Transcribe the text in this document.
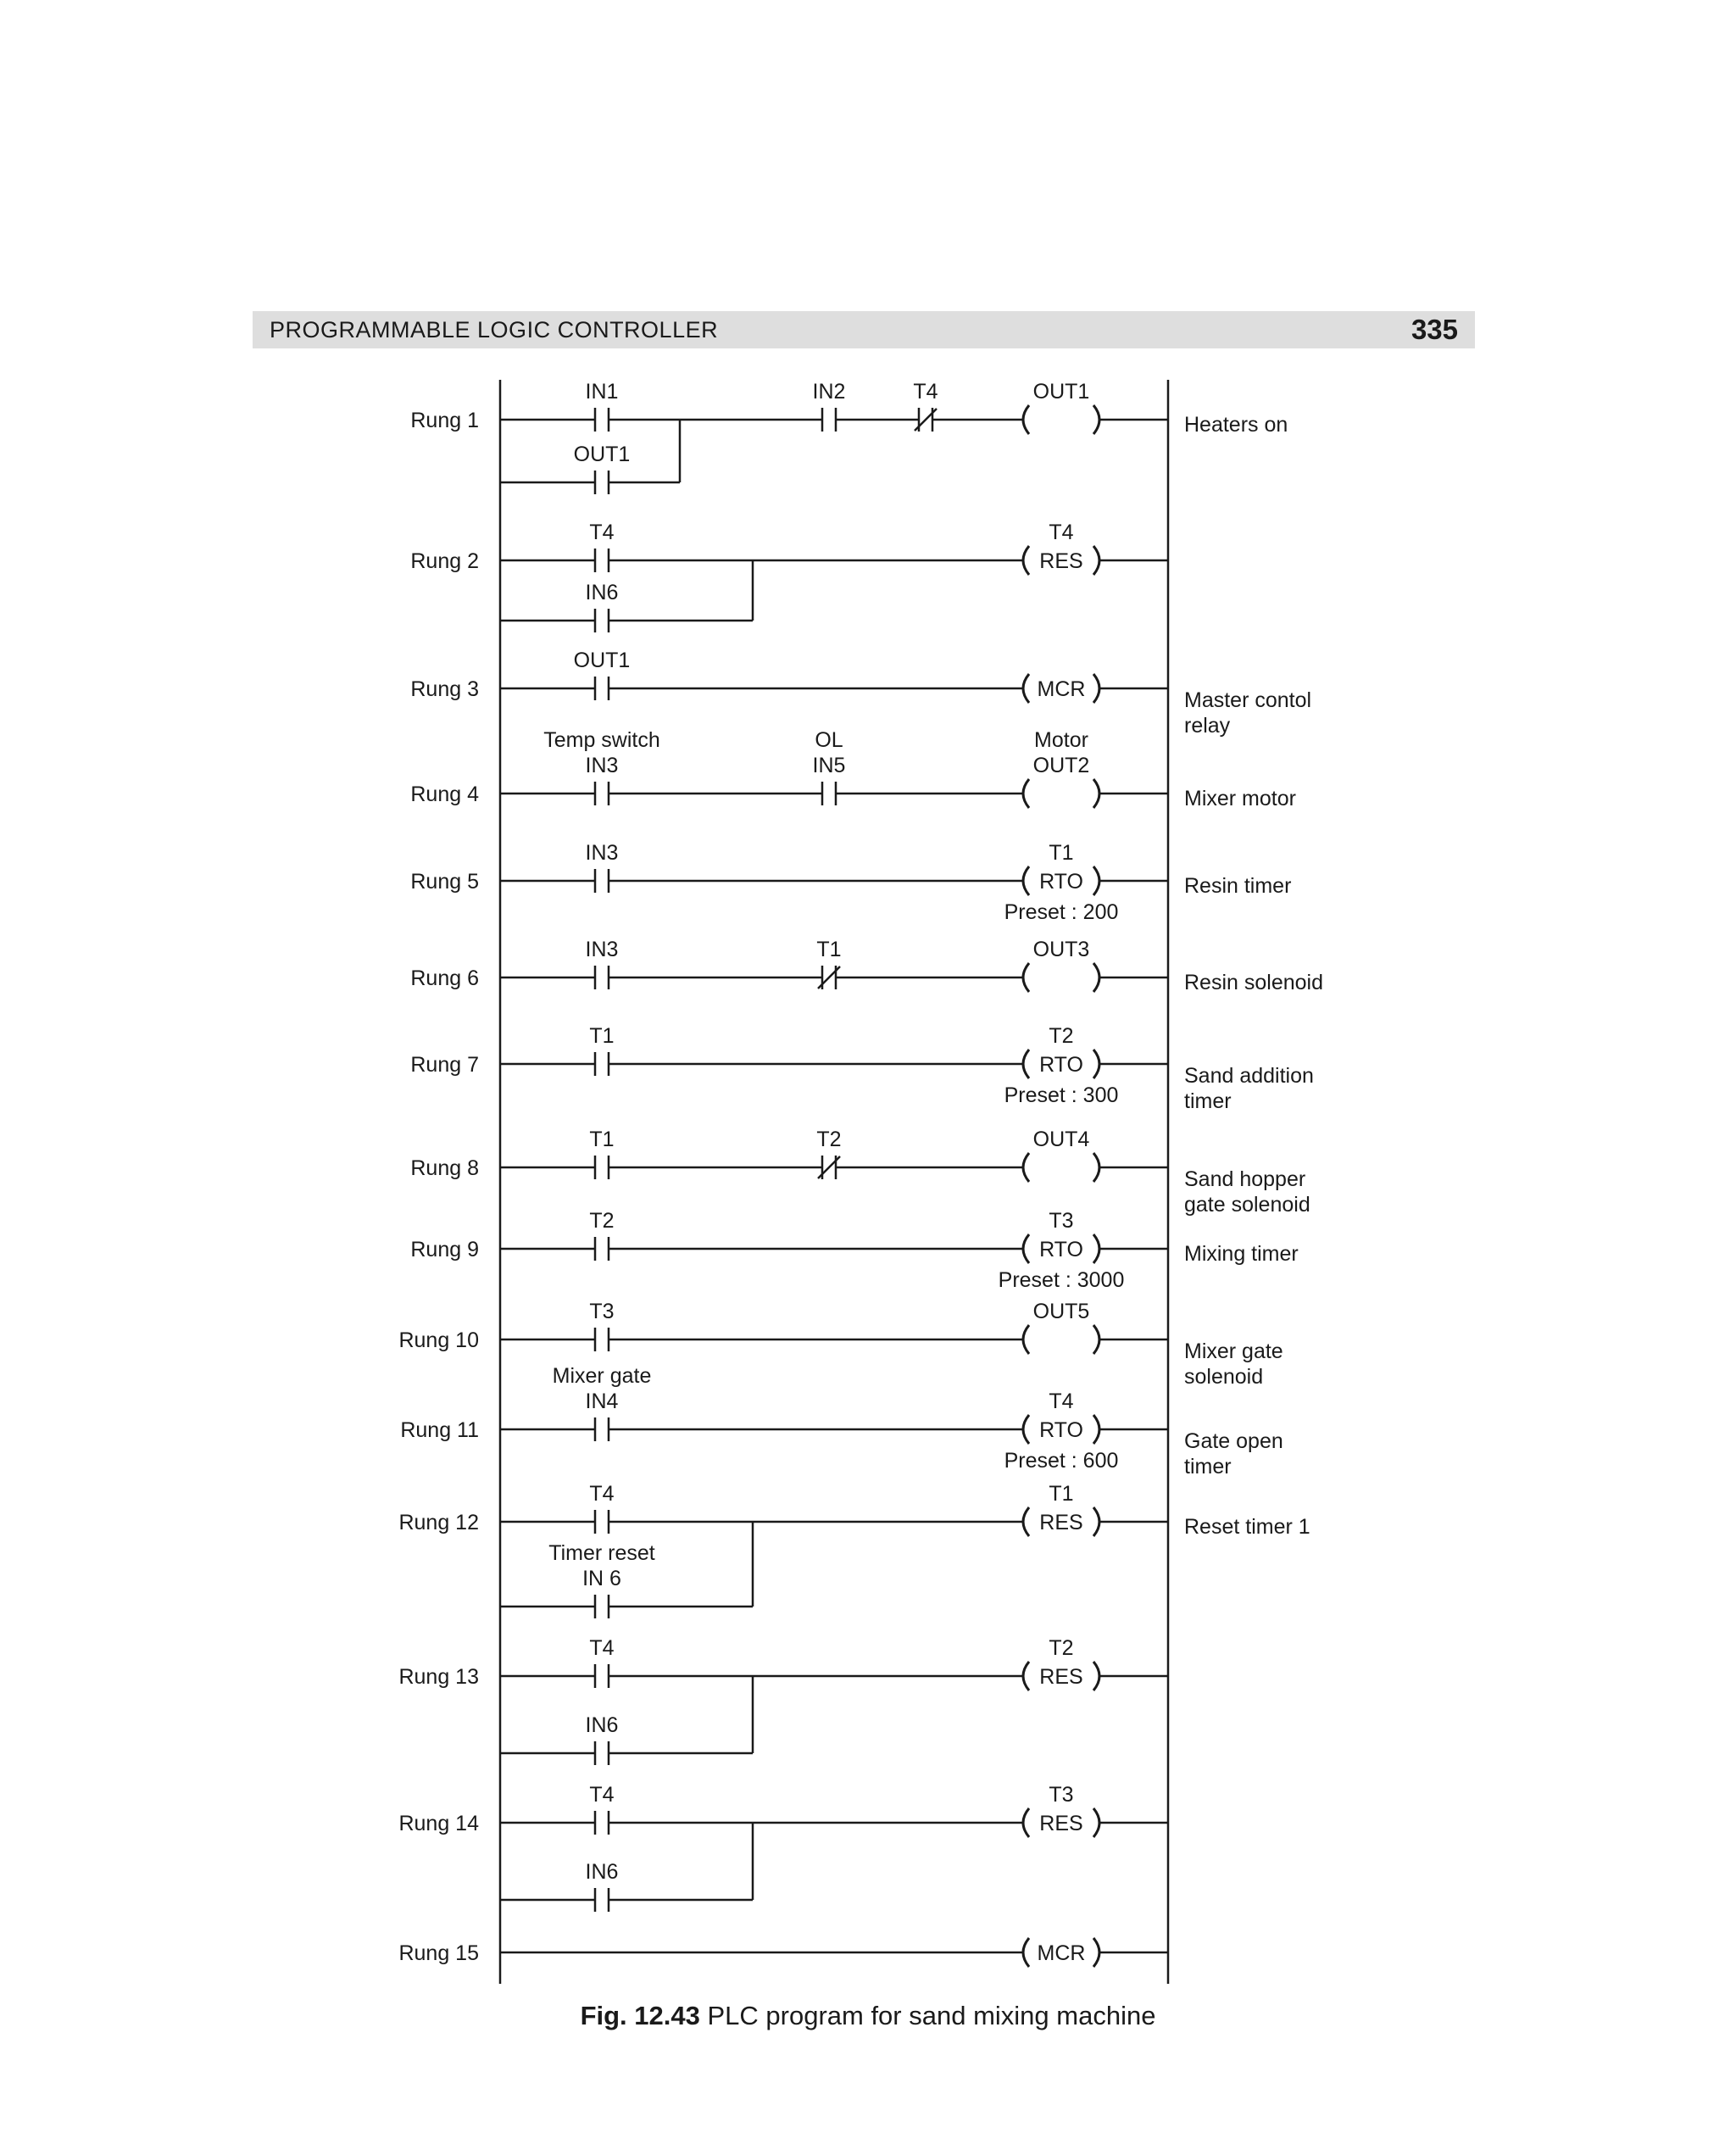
PROGRAMMABLE LOGIC CONTROLLER	335
Rung 1
IN1	IN2	T4
OUT1
OUT1
Heaters on
Rung 2
T4
IN6
RES
T4
Rung 3
OUT1
MCR	Master contol
relay
Rung 4
Temp switch
IN3
OL
IN5
Motor
OUT2
Mixer motor
Rung 5
IN3
RTO
T1
Preset : 200
Resin timer
Rung 6
IN3	T1	OUT3
Resin solenoid
Rung 7
T1
RTO
T2
Preset : 300
Sand addition
timer
Rung 8
T1	T2	OUT4
Sand hopper
gate solenoid
Rung 9
T2
RTO
T3
Preset : 3000
Mixing timer
Rung 10
T3	OUT5
Mixer gate
solenoid
Rung 11
Mixer gate
IN4
RTO
T4
Preset : 600
Gate open
timer
Rung 12
T4
Timer reset
IN 6
RES
T1
Reset timer 1
Rung 13
T4
IN6
RES
T2
Rung 14
T4
IN6
RES
T3
Rung 15	MCR
Fig. 12.43 PLC program for sand mixing machine
